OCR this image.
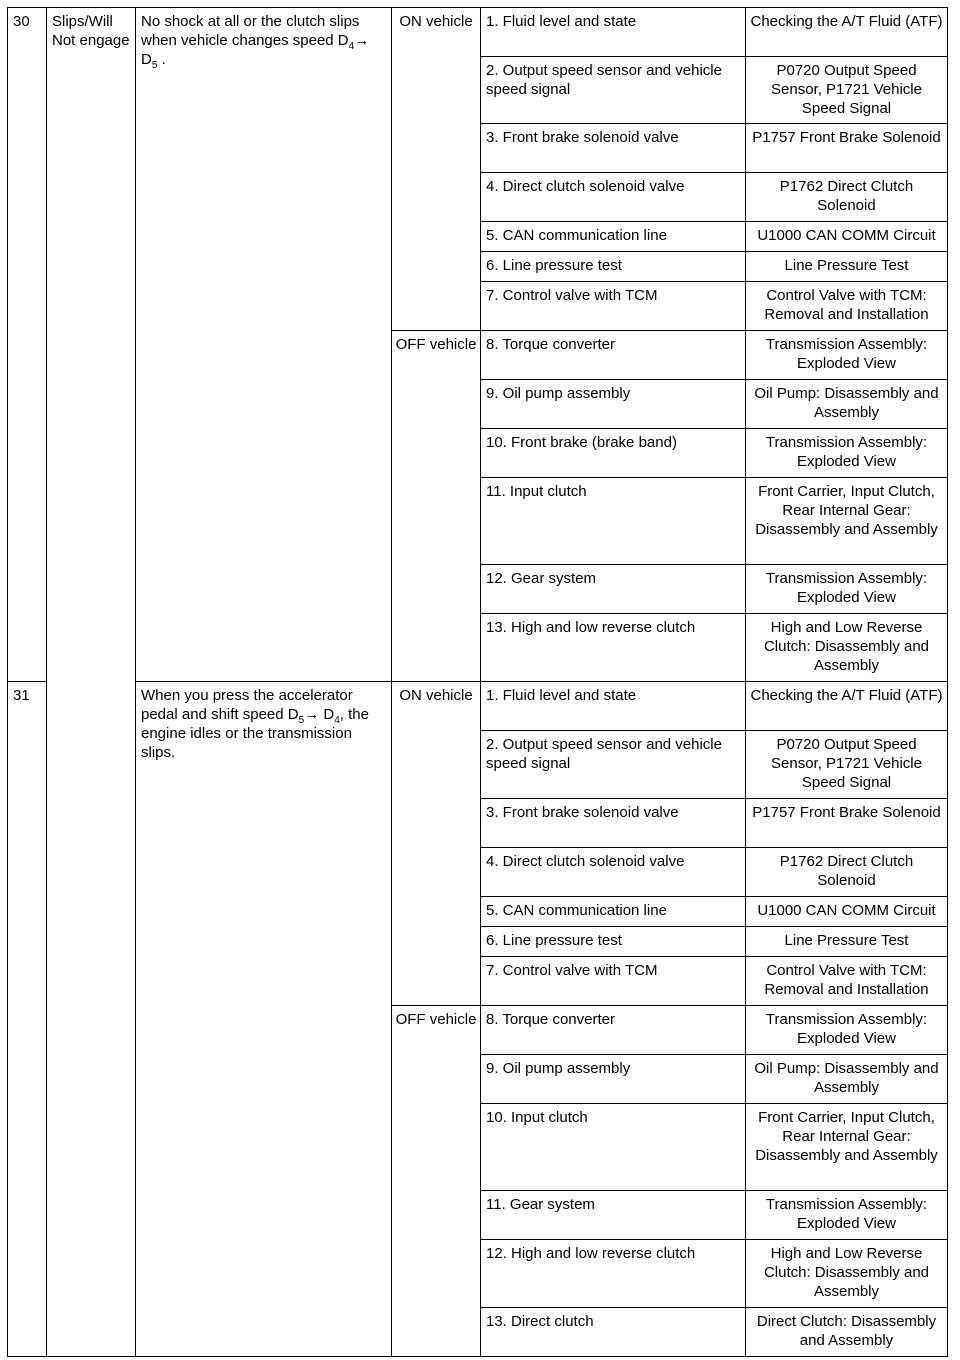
30	Slips/Will Not engage	No shock at all or the clutch slips when vehicle changes speed $D_4\to D_5$ .	ON vehicle	1. Fluid level and state	Checking the A/T Fluid (ATF)
				2. Output speed sensor and vehicle speed signal	P0720 Output Speed Sensor, P1721 Vehicle Speed Signal
				3. Front brake solenoid valve	P1757 Front Brake Solenoid
				4. Direct clutch solenoid valve	P1762 Direct Clutch Solenoid
				5. CAN communication line	U1000 CAN COMM Circuit
				6. Line pressure test	Line Pressure Test
				7. Control valve with TCM	Control Valve with TCM: Removal and Installation
			OFF vehicle	8. Torque converter	Transmission Assembly: Exploded View
				9. Oil pump assembly	Oil Pump: Disassembly and Assembly
				10. Front brake (brake band)	Transmission Assembly: Exploded View
				11. Input clutch	Front Carrier, Input Clutch, Rear Internal Gear: Disassembly and Assembly
				12. Gear system	Transmission Assembly: Exploded View
				13. High and low reverse clutch	High and Low Reverse Clutch: Disassembly and Assembly
31		When you press the accelerator pedal and shift speed $D_5\to D_4$, the engine idles or the transmission slips.	ON vehicle	1. Fluid level and state	Checking the A/T Fluid (ATF)
				2. Output speed sensor and vehicle speed signal	P0720 Output Speed Sensor, P1721 Vehicle Speed Signal
				3. Front brake solenoid valve	P1757 Front Brake Solenoid
				4. Direct clutch solenoid valve	P1762 Direct Clutch Solenoid
				5. CAN communication line	U1000 CAN COMM Circuit
				6. Line pressure test	Line Pressure Test
				7. Control valve with TCM	Control Valve with TCM: Removal and Installation
			OFF vehicle	8. Torque converter	Transmission Assembly: Exploded View
				9. Oil pump assembly	Oil Pump: Disassembly and Assembly
				10. Input clutch	Front Carrier, Input Clutch, Rear Internal Gear: Disassembly and Assembly
				11. Gear system	Transmission Assembly: Exploded View
				12. High and low reverse clutch	High and Low Reverse Clutch: Disassembly and Assembly
				13. Direct clutch	Direct Clutch: Disassembly and Assembly
